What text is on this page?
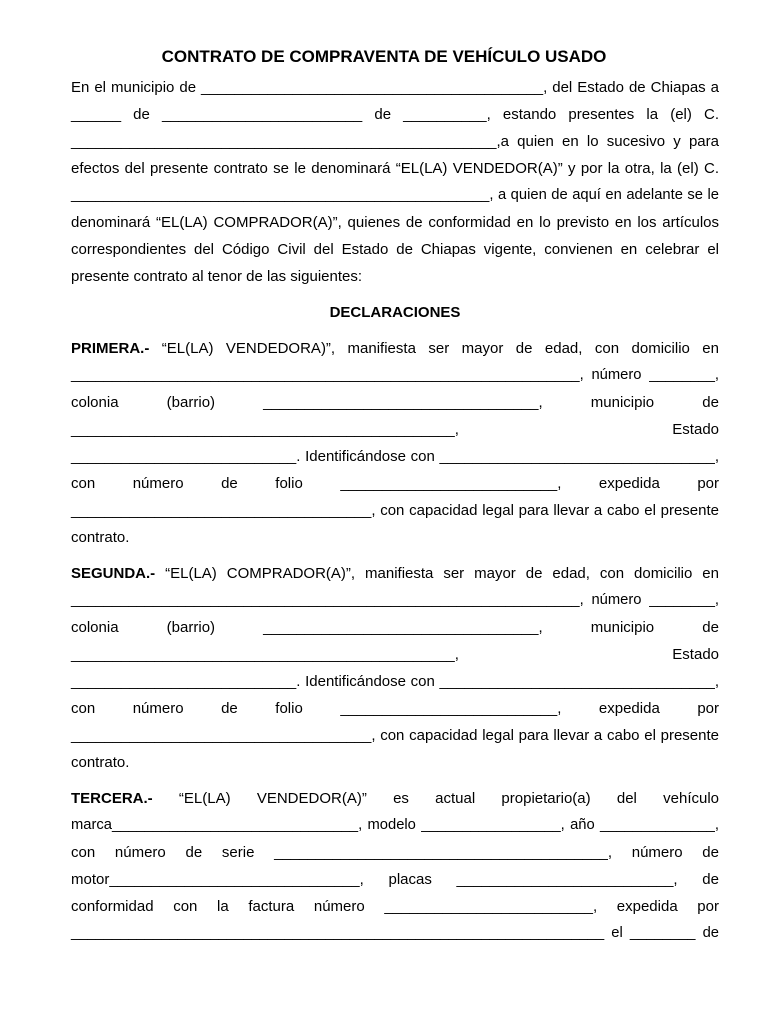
CONTRATO DE COMPRAVENTA DE VEHÍCULO USADO
En el municipio de _________________________________________, del Estado de Chiapas a
______ de ________________________ de __________, estando presentes la (el) C.
___________________________________________________,a quien en lo sucesivo y para
efectos del presente contrato se le denominará “EL(LA) VENDEDOR(A)” y por la otra, la (el) C.
___________________________________________________, a quien de aquí en adelante se le
denominará “EL(LA) COMPRADOR(A)”, quienes de conformidad en lo previsto en los artículos
correspondientes del Código Civil del Estado de Chiapas vigente, convienen en celebrar el
presente contrato al tenor de las siguientes:
DECLARACIONES
PRIMERA.- “EL(LA) VENDEDORA)”, manifiesta ser mayor de edad, con domicilio en
______________________________________________________________, número ________,
colonia (barrio) _________________________________, municipio de
______________________________________________, Estado
___________________________. Identificándose con _________________________________,
con número de folio __________________________, expedida por
____________________________________, con capacidad legal para llevar a cabo el presente
contrato.
SEGUNDA.- “EL(LA) COMPRADOR(A)”, manifiesta ser mayor de edad, con domicilio en
______________________________________________________________, número ________,
colonia (barrio) _________________________________, municipio de
______________________________________________, Estado
___________________________. Identificándose con _________________________________,
con número de folio __________________________, expedida por
____________________________________, con capacidad legal para llevar a cabo el presente
contrato.
TERCERA.- “EL(LA) VENDEDOR(A)” es actual propietario(a) del vehículo
marca______________________________, modelo _________________, año ______________,
con número de serie ________________________________________, número de
motor______________________________, placas __________________________, de
conformidad con la factura número _________________________, expedida por
_________________________________________________________________ el ________ de
